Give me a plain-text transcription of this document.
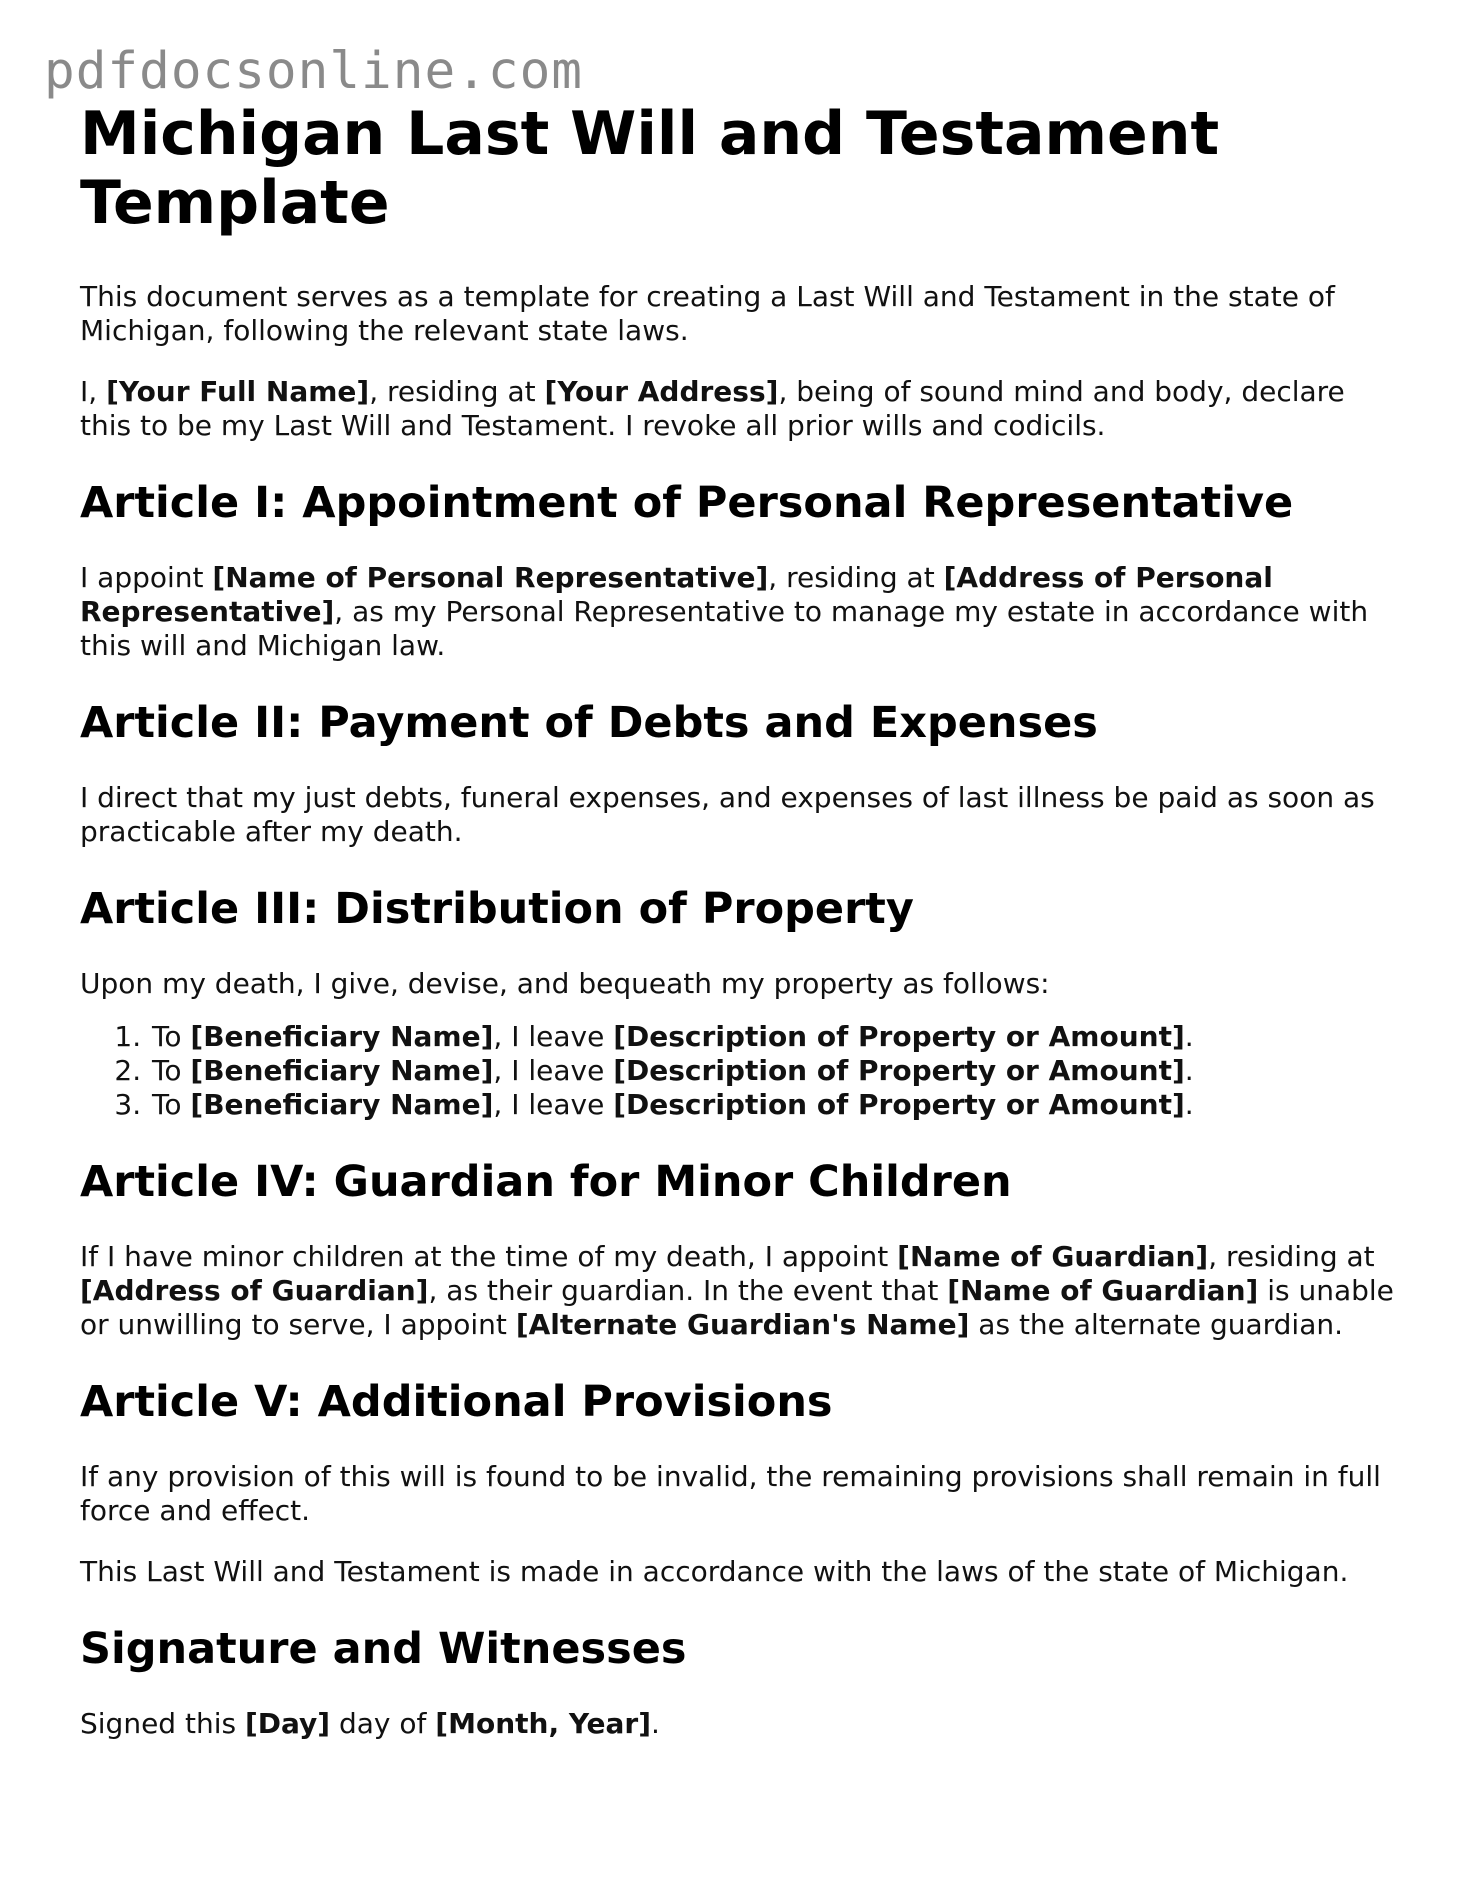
pdfdocsonline.com
Michigan Last Will and Testament Template

This document serves as a template for creating a Last Will and Testament in the state of Michigan, following the relevant state laws.

I, [Your Full Name], residing at [Your Address], being of sound mind and body, declare this to be my Last Will and Testament. I revoke all prior wills and codicils.

Article I: Appointment of Personal Representative

I appoint [Name of Personal Representative], residing at [Address of Personal Representative], as my Personal Representative to manage my estate in accordance with this will and Michigan law.

Article II: Payment of Debts and Expenses

I direct that my just debts, funeral expenses, and expenses of last illness be paid as soon as practicable after my death.

Article III: Distribution of Property

Upon my death, I give, devise, and bequeath my property as follows:

1. To [Beneficiary Name], I leave [Description of Property or Amount].
2. To [Beneficiary Name], I leave [Description of Property or Amount].
3. To [Beneficiary Name], I leave [Description of Property or Amount].
Article IV: Guardian for Minor Children

If I have minor children at the time of my death, I appoint [Name of Guardian], residing at [Address of Guardian], as their guardian. In the event that [Name of Guardian] is unable or unwilling to serve, I appoint [Alternate Guardian's Name] as the alternate guardian.

Article V: Additional Provisions

If any provision of this will is found to be invalid, the remaining provisions shall remain in full force and effect.

This Last Will and Testament is made in accordance with the laws of the state of Michigan.

Signature and Witnesses

Signed this [Day] day of [Month, Year].
